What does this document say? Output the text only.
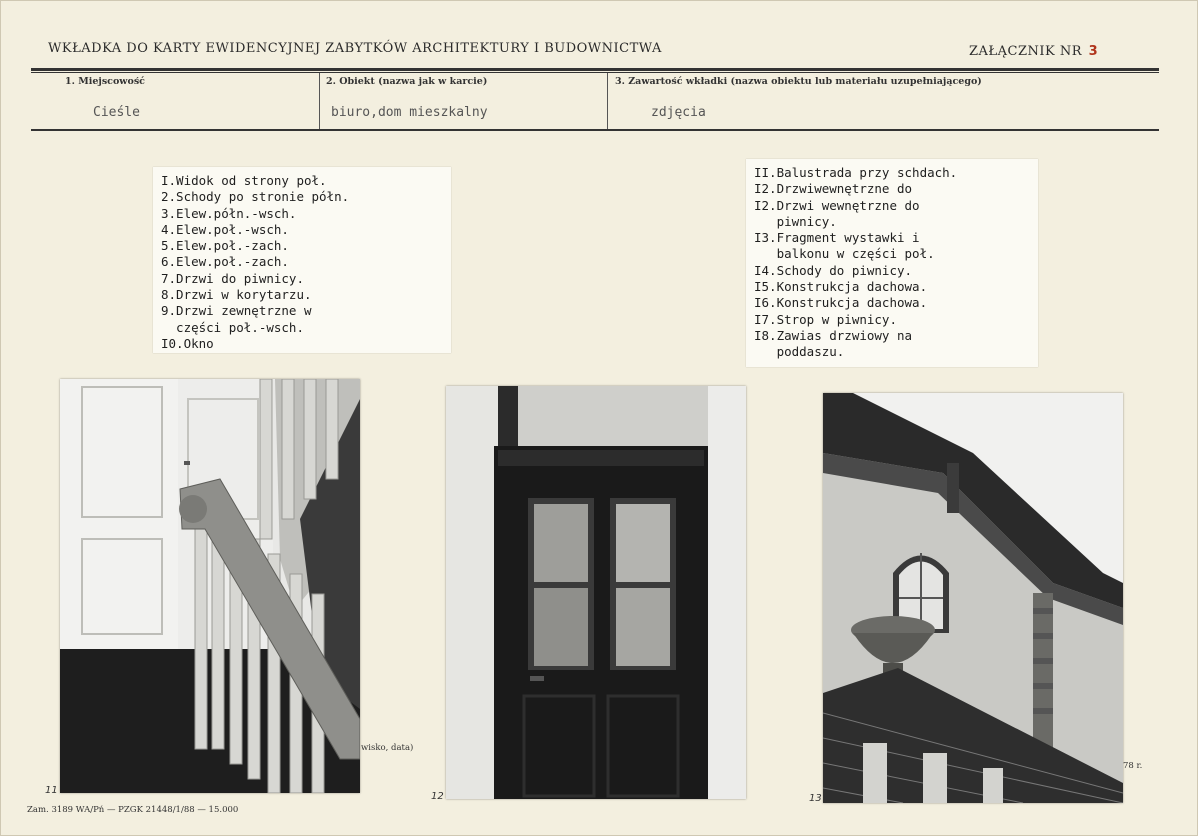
WKŁADKA DO KARTY EWIDENCYJNEJ ZABYTKÓW ARCHITEKTURY I BUDOWNICTWA	ZAŁĄCZNIK NR 3
1. Miejscowość	2. Obiekt (nazwa jak w karcie)	3. Zawartość wkładki (nazwa obiektu lub materiału uzupełniającego)
Cieśle	biuro,dom mieszkalny	zdjęcia
I.Widok od strony poł.
2.Schody po stronie półn.
3.Elew.półn.-wsch.
4.Elew.poł.-wsch.
5.Elew.poł.-zach.
6.Elew.poł.-zach.
7.Drzwi do piwnicy.
8.Drzwi w korytarzu.
9.Drzwi zewnętrzne w
części poł.-wsch.
I0.Okno
II.Balustrada przy schdach.
I2.Drzwiwewnętrzne do
I2.Drzwi wewnętrzne do
piwnicy.
I3.Fragment wystawki i
balkonu w części poł.
I4.Schody do piwnicy.
I5.Konstrukcja dachowa.
I6.Konstrukcja dachowa.
I7.Strop w piwnicy.
I8.Zawias drzwiowy na
poddaszu.
wisko, data)
78 r.
11
12	13
Zam. 3189 WA/Pń — PZGK 21448/1/88 — 15.000
